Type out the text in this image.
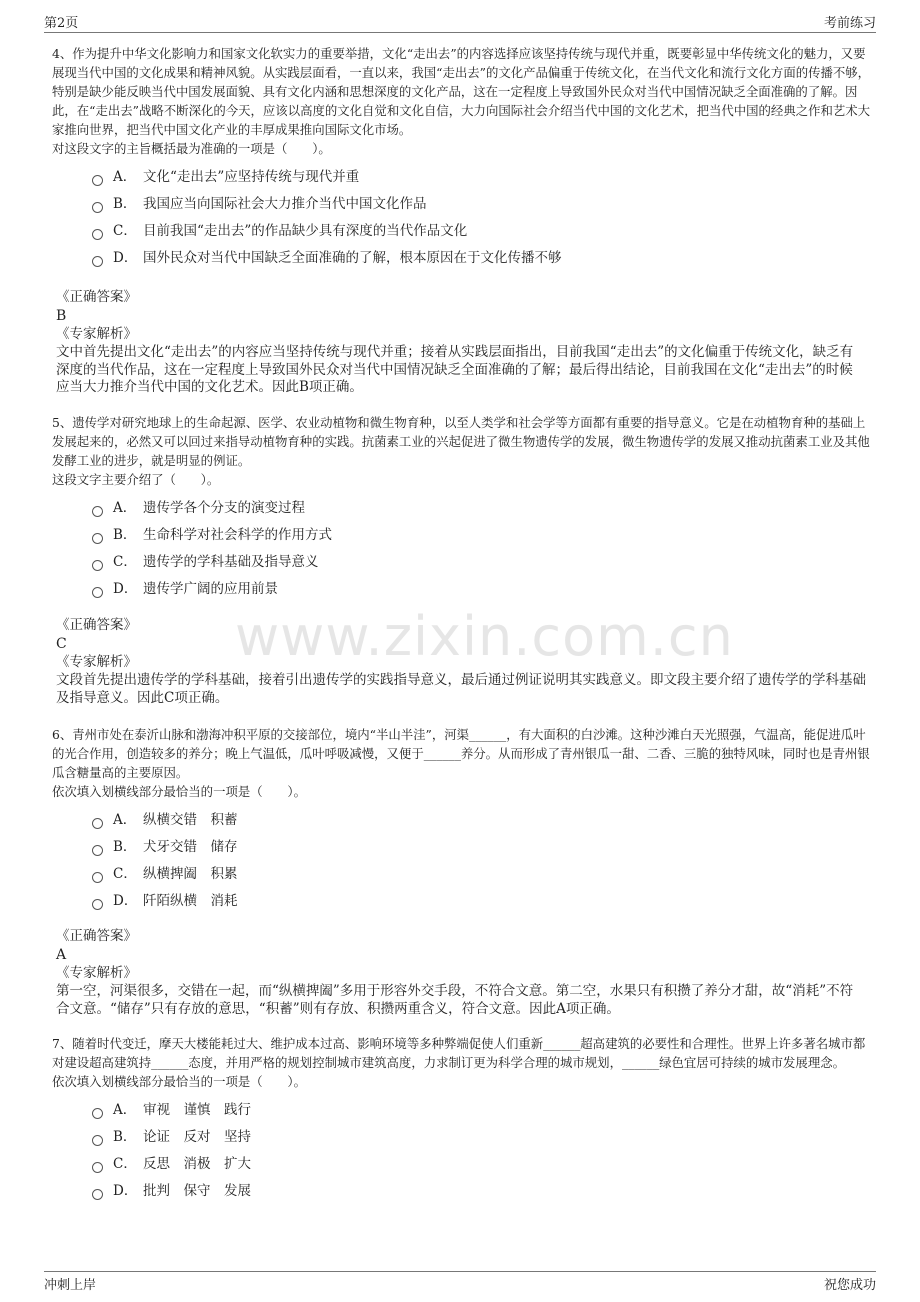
第2页	考前练习
www.zixin.com.cn

4、作为提升中华文化影响力和国家文化软实力的重要举措，文化“走出去”的内容选择应该坚持传统与现代并重，既要彰显中华传统文化的魅力，又要展现当代中国的文化成果和精神风貌。从实践层面看，一直以来，我国“走出去”的文化产品偏重于传统文化，在当代文化和流行文化方面的传播不够，特别是缺少能反映当代中国发展面貌、具有文化内涵和思想深度的文化产品，这在一定程度上导致国外民众对当代中国情况缺乏全面准确的了解。因此，在“走出去”战略不断深化的今天，应该以高度的文化自觉和文化自信，大力向国际社会介绍当代中国的文化艺术，把当代中国的经典之作和艺术大家推向世界，把当代中国文化产业的丰厚成果推向国际文化市场。

对这段文字的主旨概括最为准确的一项是（　　）。

A． 文化“走出去”应坚持传统与现代并重
B． 我国应当向国际社会大力推介当代中国文化作品
C． 目前我国“走出去”的作品缺少具有深度的当代作品文化
D． 国外民众对当代中国缺乏全面准确的了解，根本原因在于文化传播不够
《正确答案》
B
《专家解析》
文中首先提出文化“走出去”的内容应当坚持传统与现代并重；接着从实践层面指出，目前我国“走出去”的文化偏重于传统文化，缺乏有深度的当代作品，这在一定程度上导致国外民众对当代中国情况缺乏全面准确的了解；最后得出结论，目前我国在文化“走出去”的时候应当大力推介当代中国的文化艺术。因此B项正确。

5、遗传学对研究地球上的生命起源、医学、农业动植物和微生物育种，以至人类学和社会学等方面都有重要的指导意义。它是在动植物育种的基础上发展起来的，必然又可以回过来指导动植物育种的实践。抗菌素工业的兴起促进了微生物遗传学的发展，微生物遗传学的发展又推动抗菌素工业及其他发酵工业的进步，就是明显的例证。

这段文字主要介绍了（　　）。

A． 遗传学各个分支的演变过程
B． 生命科学对社会科学的作用方式
C． 遗传学的学科基础及指导意义
D． 遗传学广阔的应用前景
《正确答案》
C
《专家解析》
文段首先提出遗传学的学科基础，接着引出遗传学的实践指导意义，最后通过例证说明其实践意义。即文段主要介绍了遗传学的学科基础及指导意义。因此C项正确。

6、青州市处在泰沂山脉和渤海冲积平原的交接部位，境内“半山半洼”，河渠______，有大面积的白沙滩。这种沙滩白天光照强，气温高，能促进瓜叶的光合作用，创造较多的养分；晚上气温低，瓜叶呼吸减慢，又便于______养分。从而形成了青州银瓜一甜、二香、三脆的独特风味，同时也是青州银瓜含糖量高的主要原因。

依次填入划横线部分最恰当的一项是（　　）。

A． 纵横交错　积蓄
B． 犬牙交错　储存
C． 纵横捭阖　积累
D． 阡陌纵横　消耗
《正确答案》
A
《专家解析》
第一空，河渠很多，交错在一起，而“纵横捭阖”多用于形容外交手段，不符合文意。第二空，水果只有积攒了养分才甜，故“消耗”不符合文意。“储存”只有存放的意思，“积蓄”则有存放、积攒两重含义，符合文意。因此A项正确。

7、随着时代变迁，摩天大楼能耗过大、维护成本过高、影响环境等多种弊端促使人们重新______超高建筑的必要性和合理性。世界上许多著名城市都对建设超高建筑持______态度，并用严格的规划控制城市建筑高度，力求制订更为科学合理的城市规划，______绿色宜居可持续的城市发展理念。

依次填入划横线部分最恰当的一项是（　　）。

A． 审视　谨慎　践行
B． 论证　反对　坚持
C． 反思　消极　扩大
D． 批判　保守　发展
冲刺上岸	祝您成功
